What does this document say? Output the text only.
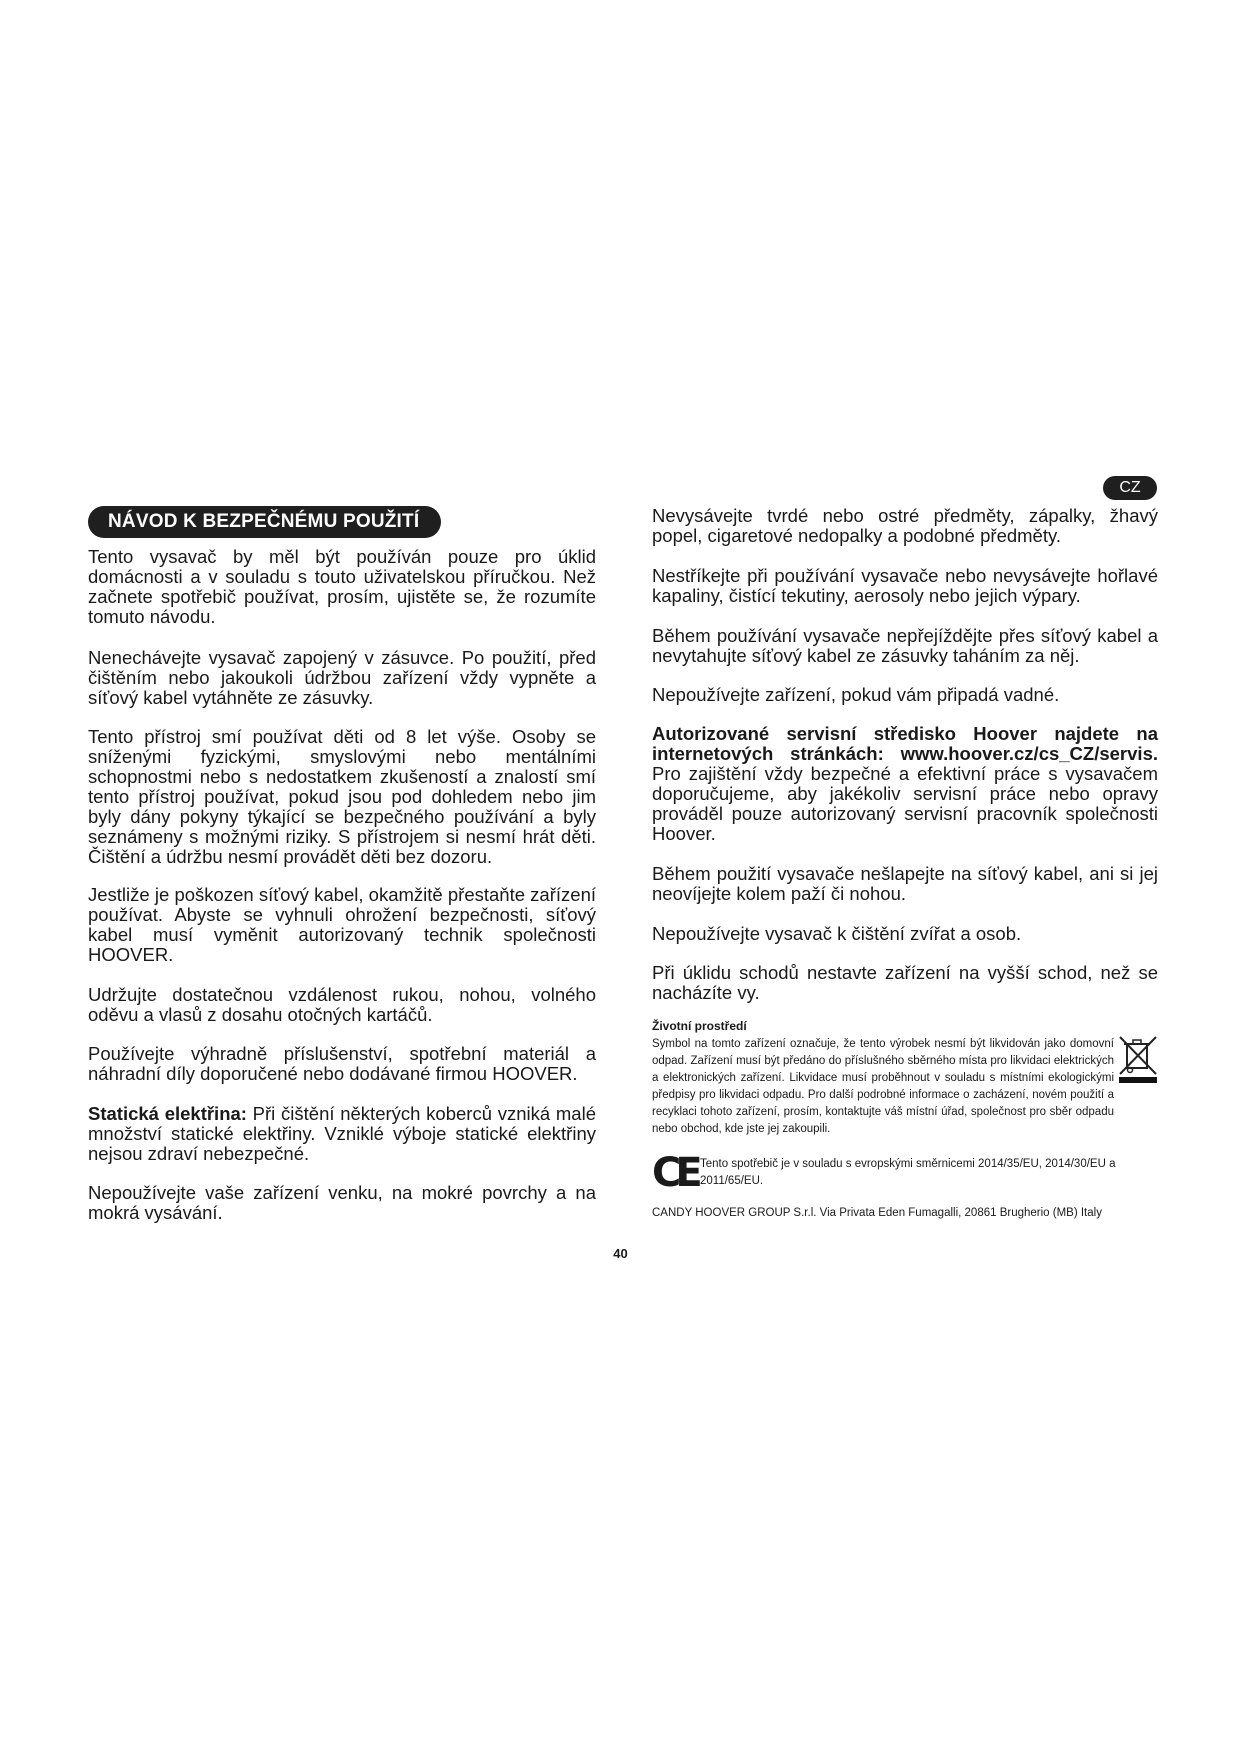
CZ
NÁVOD K BEZPEČNÉMU POUŽITÍ

Tento vysavač by měl být používán pouze pro úklid domácnosti a v souladu s touto uživatelskou příručkou. Než začnete spotřebič používat, prosím, ujistěte se, že rozumíte tomuto návodu.

Nenechávejte vysavač zapojený v zásuvce. Po použití, před čištěním nebo jakoukoli údržbou zařízení vždy vypněte a síťový kabel vytáhněte ze zásuvky.

Tento přístroj smí používat děti od 8 let výše. Osoby se sníženými fyzickými, smyslovými nebo mentálními schopnostmi nebo s nedostatkem zkušeností a znalostí smí tento přístroj používat, pokud jsou pod dohledem nebo jim byly dány pokyny týkající se bezpečného používání a byly seznámeny s možnými riziky. S přístrojem si nesmí hrát děti. Čištění a údržbu nesmí provádět děti bez dozoru.

Jestliže je poškozen síťový kabel, okamžitě přestaňte zařízení používat. Abyste se vyhnuli ohrožení bezpečnosti, síťový kabel musí vyměnit autorizovaný technik společnosti HOOVER.

Udržujte dostatečnou vzdálenost rukou, nohou, volného oděvu a vlasů z dosahu otočných kartáčů.

Používejte výhradně příslušenství, spotřební materiál a náhradní díly doporučené nebo dodávané firmou HOOVER.

Statická elektřina: Při čištění některých koberců vzniká malé množství statické elektřiny. Vzniklé výboje statické elektřiny nejsou zdraví nebezpečné.

Nepoužívejte vaše zařízení venku, na mokré povrchy a na mokrá vysávání.

Nevysávejte tvrdé nebo ostré předměty, zápalky, žhavý popel, cigaretové nedopalky a podobné předměty.

Nestříkejte při používání vysavače nebo nevysávejte hořlavé kapaliny, čistící tekutiny, aerosoly nebo jejich výpary.

Během používání vysavače nepřejíždějte přes síťový kabel a nevytahujte síťový kabel ze zásuvky taháním za něj.

Nepoužívejte zařízení, pokud vám připadá vadné.

Autorizované servisní středisko Hoover najdete na internetových stránkách: www.hoover.cz/cs_CZ/servis. Pro zajištění vždy bezpečné a efektivní práce s vysavačem doporučujeme, aby jakékoliv servisní práce nebo opravy prováděl pouze autorizovaný servisní pracovník společnosti Hoover.

Během použití vysavače nešlapejte na síťový kabel, ani si jej neovíjejte kolem paží či nohou.

Nepoužívejte vysavač k čištění zvířat a osob.

Při úklidu schodů nestavte zařízení na vyšší schod, než se nacházíte vy.

Životní prostředí

Symbol na tomto zařízení označuje, že tento výrobek nesmí být likvidován jako domovní odpad. Zařízení musí být předáno do příslušného sběrného místa pro likvidaci elektrických a elektronických zařízení. Likvidace musí proběhnout v souladu s místními ekologickými předpisy pro likvidaci odpadu. Pro další podrobné informace o zacházení, novém použití a recyklaci tohoto zařízení, prosím, kontaktujte váš místní úřad, společnost pro sběr odpadu nebo obchod, kde jste jej zakoupili.

CE Tento spotřebič je v souladu s evropskými směrnicemi 2014/35/EU, 2014/30/EU a 2011/65/EU.
CANDY HOOVER GROUP S.r.l. Via Privata Eden Fumagalli, 20861 Brugherio (MB) Italy
40
